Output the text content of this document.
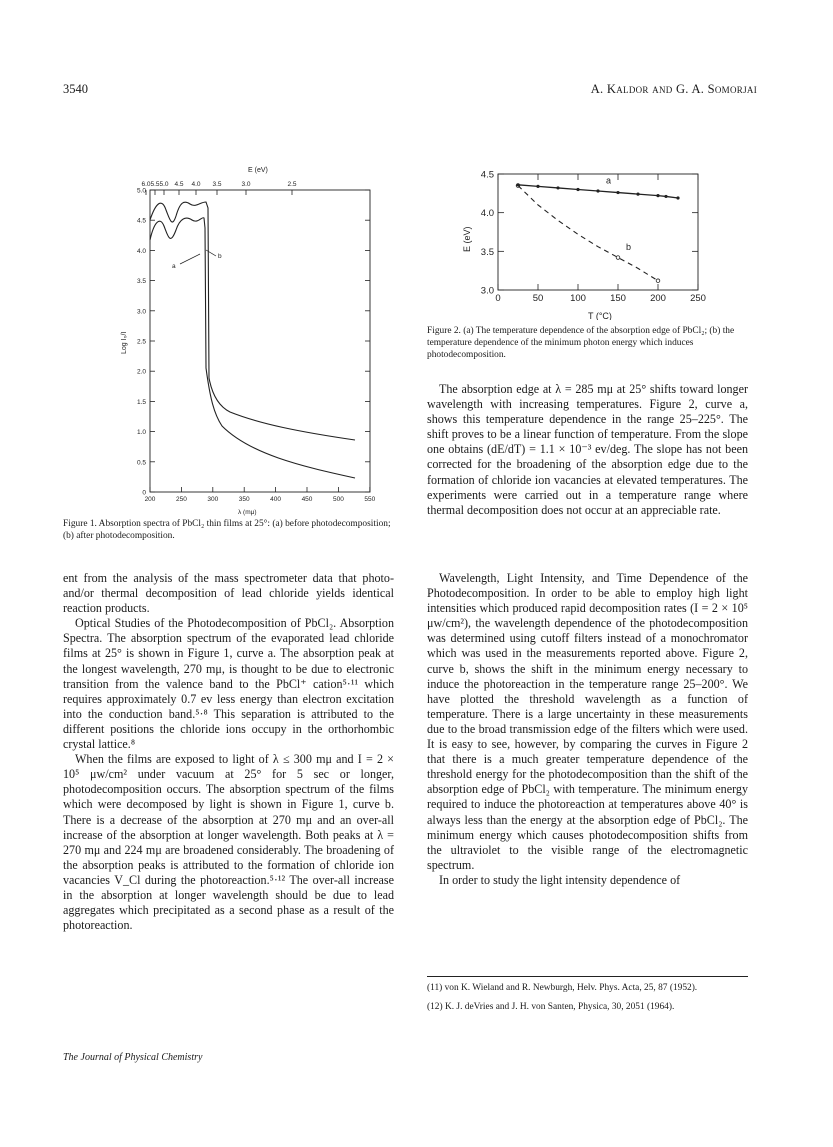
3540	A. Kaldor and G. A. Somorjai
E (eV)
6.0 5.5 5.0 4.5 4.0 3.5	3.0	2.5
5.0
4.5
4.0
3.5
3.0
2.5
2.0
1.5
1.0
0.5
0
200	250	300	350	400	450	500	550
λ (mμ)
Log I₀/I
a
b
Figure 1. Absorption spectra of PbCl₂ thin films at 25°: (a) before photodecomposition; (b) after photodecomposition.
4.5
4.0
3.5
3.0
0	50	100	150	200	250
T (°C)
E (eV)
a
b
Figure 2. (a) The temperature dependence of the absorption edge of PbCl₂; (b) the temperature dependence of the minimum photon energy which induces photodecomposition.

The absorption edge at λ = 285 mμ at 25° shifts toward longer wavelength with increasing temperatures. Figure 2, curve a, shows this temperature dependence in the range 25–225°. The shift proves to be a linear function of temperature. From the slope one obtains (dE/dT) = 1.1 × 10⁻³ ev/deg. The slope has not been corrected for the broadening of the absorption edge due to the formation of chloride ion vacancies at elevated temperatures. The experiments were carried out in a temperature range where thermal decomposition does not occur at an appreciable rate.

ent from the analysis of the mass spectrometer data that photo- and/or thermal decomposition of lead chloride yields identical reaction products.

Optical Studies of the Photodecomposition of PbCl₂. Absorption Spectra. The absorption spectrum of the evaporated lead chloride films at 25° is shown in Figure 1, curve a. The absorption peak at the longest wavelength, 270 mμ, is thought to be due to electronic transition from the valence band to the PbCl⁺ cation⁵·¹¹ which requires approximately 0.7 ev less energy than electron excitation into the conduction band.⁵·⁸ This separation is attributed to the different positions the chloride ions occupy in the orthorhombic crystal lattice.⁸

When the films are exposed to light of λ ≤ 300 mμ and I = 2 × 10⁵ μw/cm² under vacuum at 25° for 5 sec or longer, photodecomposition occurs. The absorption spectrum of the films which were decomposed by light is shown in Figure 1, curve b. There is a decrease of the absorption at 270 mμ and an over-all increase of the absorption at longer wavelength. Both peaks at λ = 270 mμ and 224 mμ are broadened considerably. The broadening of the absorption peaks is attributed to the formation of chloride ion vacancies V_Cl during the photoreaction.⁵·¹² The over-all increase in the absorption at longer wavelength should be due to lead aggregates which precipitated as a second phase as a result of the photoreaction.

Wavelength, Light Intensity, and Time Dependence of the Photodecomposition. In order to be able to employ high light intensities which produced rapid decomposition rates (I = 2 × 10⁵ μw/cm²), the wavelength dependence of the photodecomposition was determined using cutoff filters instead of a monochromator which was used in the measurements reported above. Figure 2, curve b, shows the shift in the minimum energy necessary to induce the photoreaction in the temperature range 25–200°. We have plotted the threshold wavelength as a function of temperature. There is a large uncertainty in these measurements due to the broad transmission edge of the filters which were used. It is easy to see, however, by comparing the curves in Figure 2 that there is a much greater temperature dependence of the threshold energy for the photodecomposition than the shift of the absorption edge of PbCl₂ with temperature. The minimum energy required to induce the photoreaction at temperatures above 40° is always less than the energy at the absorption edge of PbCl₂. The minimum energy which causes photodecomposition shifts from the ultraviolet to the visible range of the electromagnetic spectrum.

In order to study the light intensity dependence of

(11) von K. Wieland and R. Newburgh, Helv. Phys. Acta, 25, 87 (1952).
(12) K. J. deVries and J. H. von Santen, Physica, 30, 2051 (1964).
The Journal of Physical Chemistry
